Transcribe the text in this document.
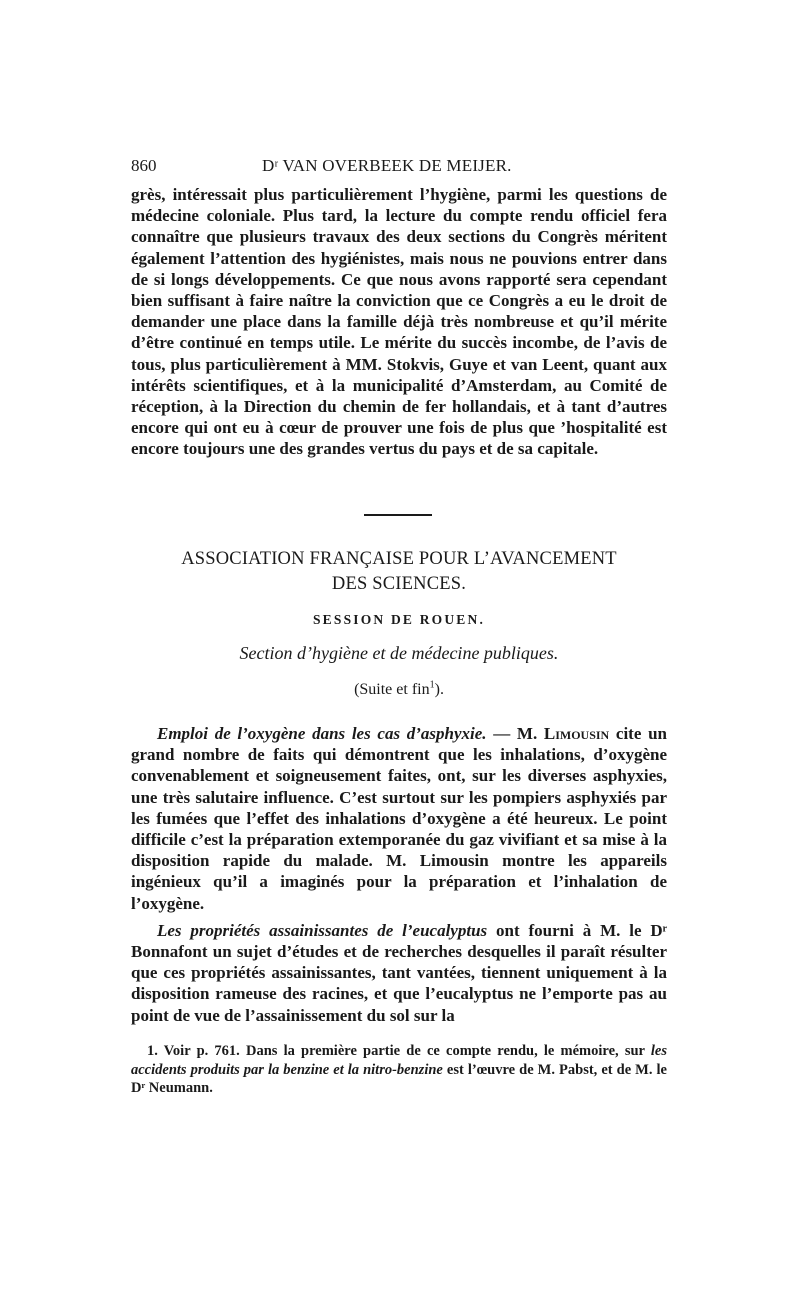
860	Dʳ VAN OVERBEEK DE MEIJER.

grès, intéressait plus particulièrement l’hygiène, parmi les questions de médecine coloniale. Plus tard, la lecture du compte rendu officiel fera connaître que plusieurs travaux des deux sections du Congrès méritent également l’attention des hygiénistes, mais nous ne pouvions entrer dans de si longs développements. Ce que nous avons rapporté sera cependant bien suffisant à faire naître la conviction que ce Congrès a eu le droit de demander une place dans la famille déjà très nombreuse et qu’il mérite d’être continué en temps utile. Le mérite du succès incombe, de l’avis de tous, plus particulièrement à MM. Stokvis, Guye et van Leent, quant aux intérêts scientifiques, et à la municipalité d’Amsterdam, au Comité de réception, à la Direction du chemin de fer hollandais, et à tant d’autres encore qui ont eu à cœur de prouver une fois de plus que ’hospitalité est encore toujours une des grandes vertus du pays et de sa capitale.

ASSOCIATION FRANÇAISE POUR L’AVANCEMENT
DES SCIENCES.
SESSION DE ROUEN.
Section d’hygiène et de médecine publiques.
(Suite et fin$^1$).

Emploi de l’oxygène dans les cas d’asphyxie. — M. Limousin cite un grand nombre de faits qui démontrent que les inhalations, d’oxygène convenablement et soigneusement faites, ont, sur les diverses asphyxies, une très salutaire influence. C’est surtout sur les pompiers asphyxiés par les fumées que l’effet des inhalations d’oxygène a été heureux. Le point difficile c’est la préparation extemporanée du gaz vivifiant et sa mise à la disposition rapide du malade. M. Limousin montre les appareils ingénieux qu’il a imaginés pour la préparation et l’inhalation de l’oxygène.

Les propriétés assainissantes de l’eucalyptus ont fourni à M. le Dʳ Bonnafont un sujet d’études et de recherches desquelles il paraît résulter que ces propriétés assainissantes, tant vantées, tiennent uniquement à la disposition rameuse des racines, et que l’eucalyptus ne l’emporte pas au point de vue de l’assainissement du sol sur la

1. Voir p. 761. Dans la première partie de ce compte rendu, le mémoire, sur les accidents produits par la benzine et la nitro-benzine est l’œuvre de M. Pabst, et de M. le Dʳ Neumann.
